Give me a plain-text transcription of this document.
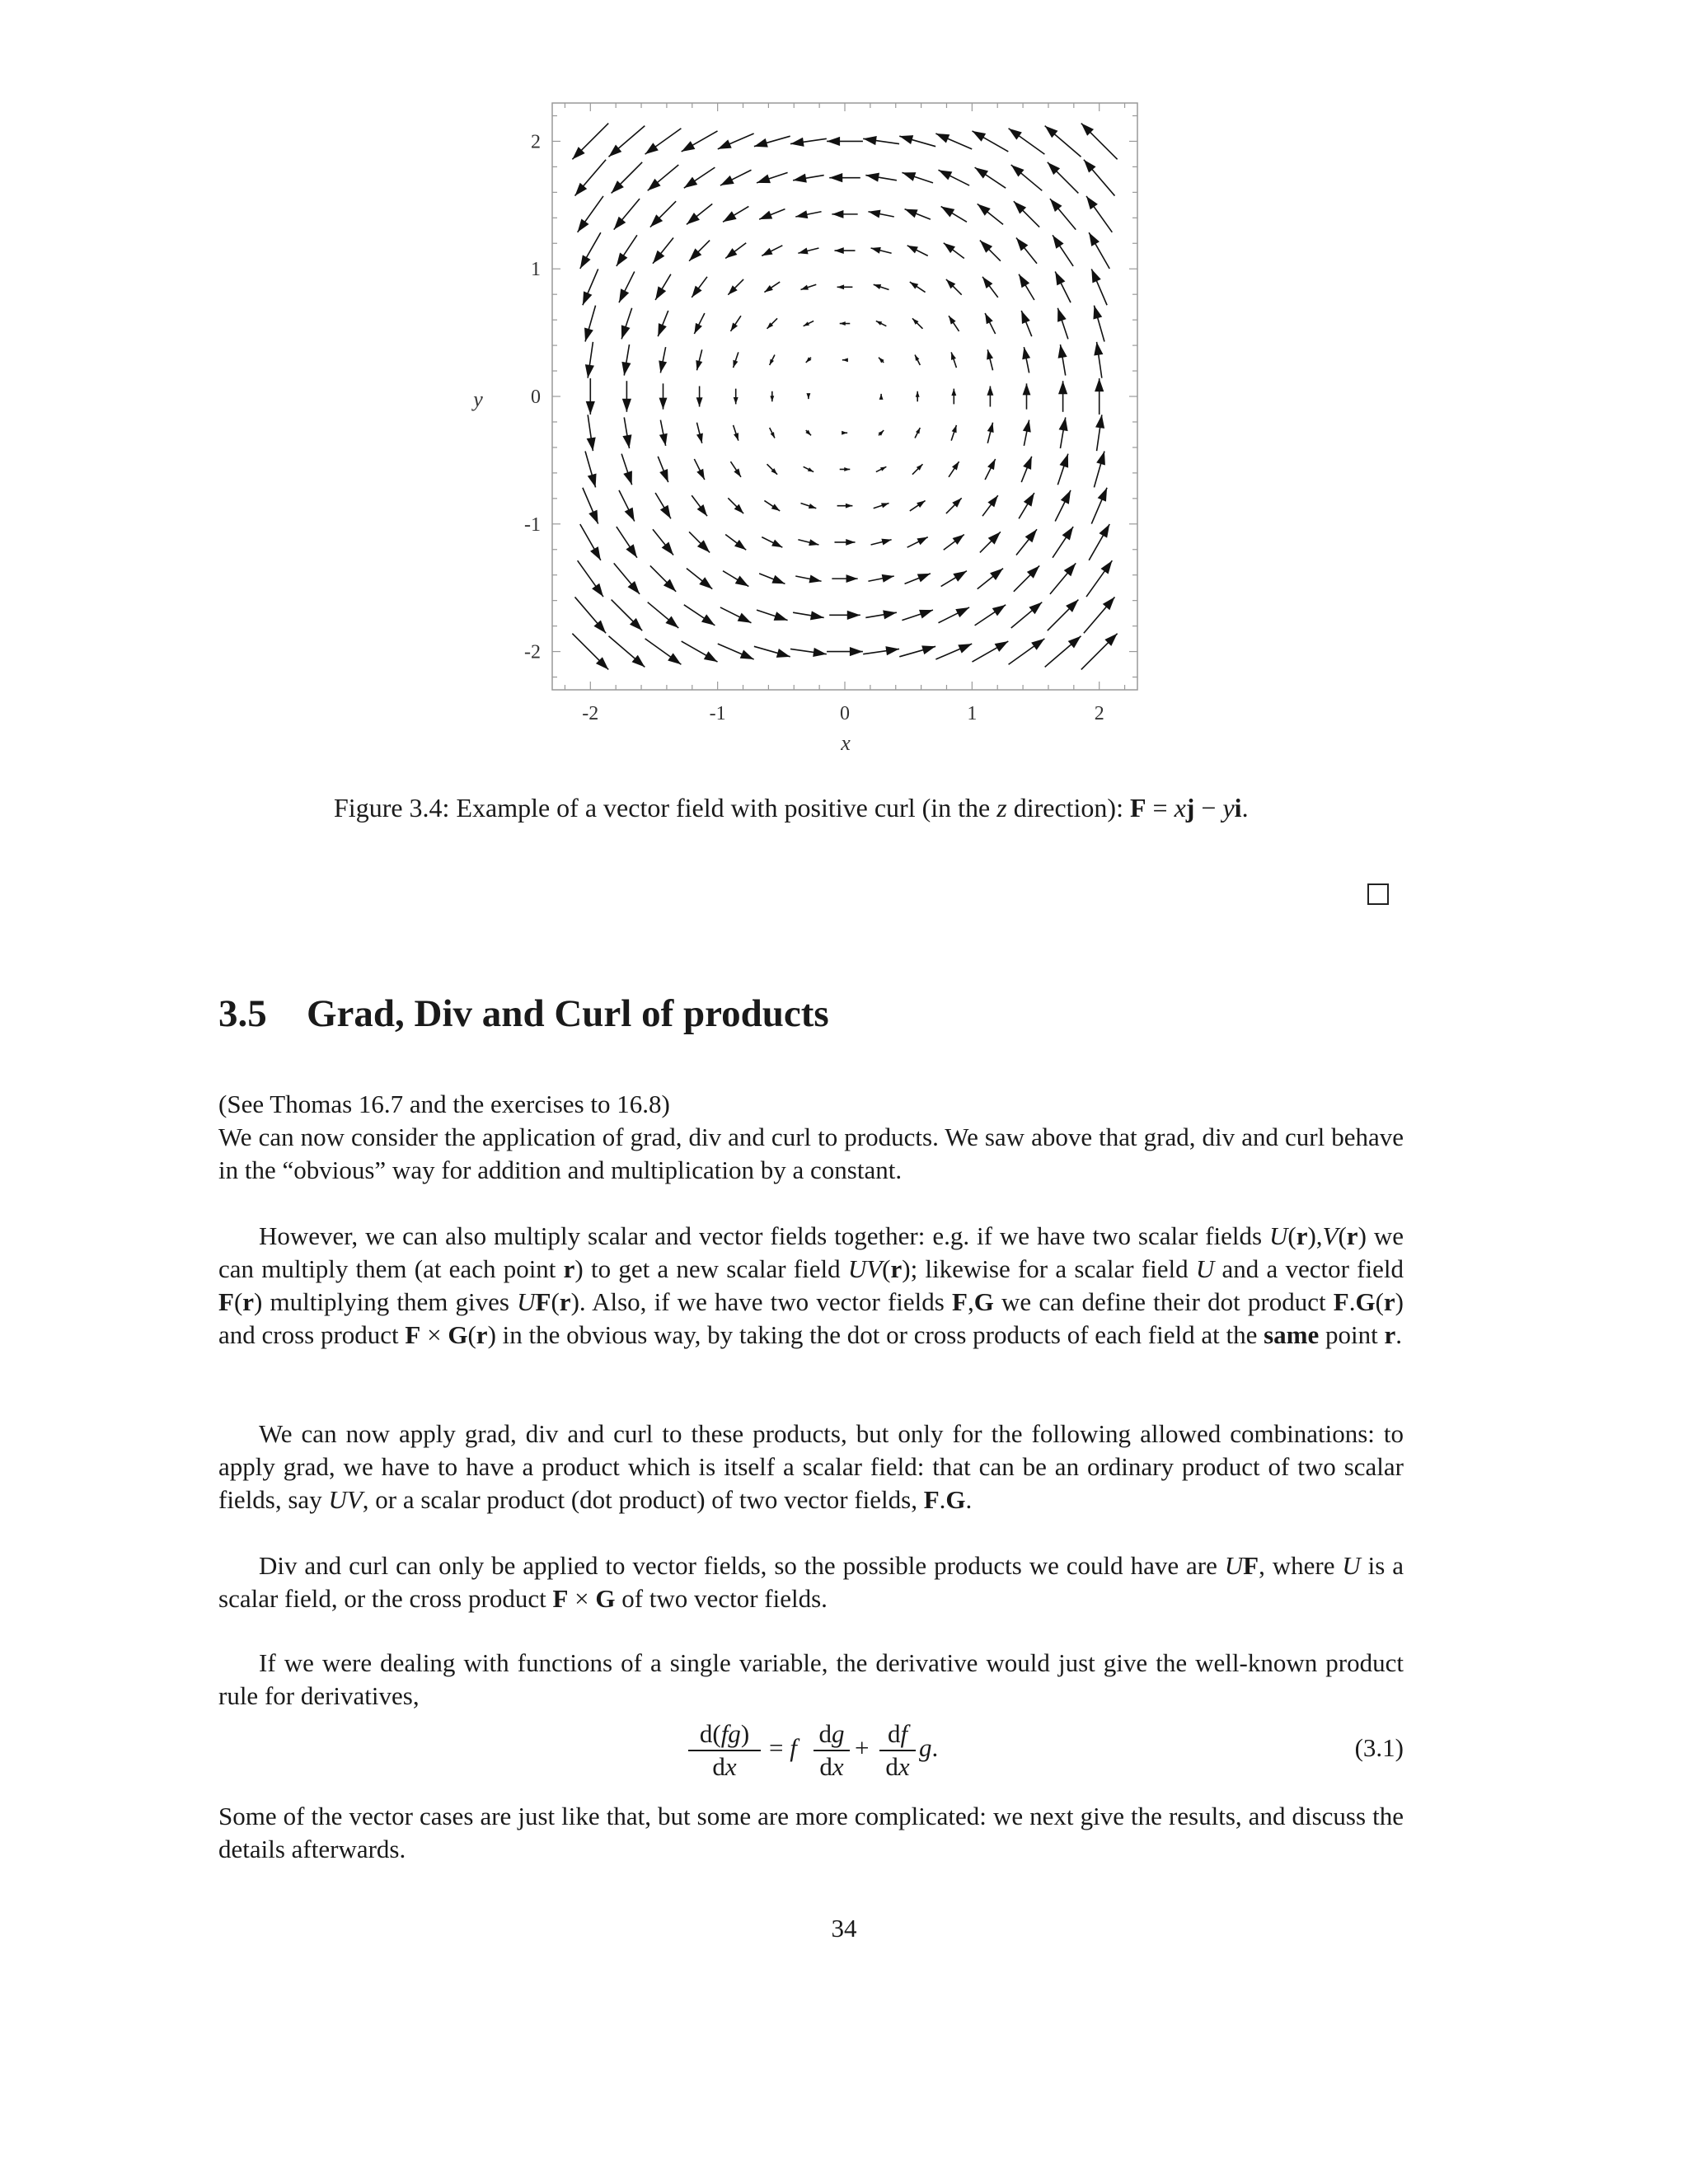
-2	-1	0	1	2
2
1
0
-1
-2
x
y
Figure 3.4: Example of a vector field with positive curl (in the z direction): F = xj − yi.
3.5 Grad, Div and Curl of products
(See Thomas 16.7 and the exercises to 16.8)
We can now consider the application of grad, div and curl to products. We saw above that grad, div and curl behave in the “obvious” way for addition and multiplication by a constant.
However, we can also multiply scalar and vector fields together: e.g. if we have two scalar fields U(r),V(r) we can multiply them (at each point r) to get a new scalar field UV(r); likewise for a scalar field U and a vector field F(r) multiplying them gives UF(r). Also, if we have two vector fields F,G we can define their dot product F.G(r) and cross product F × G(r) in the obvious way, by taking the dot or cross products of each field at the same point r.
We can now apply grad, div and curl to these products, but only for the following allowed combinations: to apply grad, we have to have a product which is itself a scalar field: that can be an ordinary product of two scalar fields, say UV, or a scalar product (dot product) of two vector fields, F.G.
Div and curl can only be applied to vector fields, so the possible products we could have are UF, where U is a scalar field, or the cross product F × G of two vector fields.
If we were dealing with functions of a single variable, the derivative would just give the well-known product rule for derivatives,
d(fg)
dx
= f dg
dx
+ df
dx
g.	(3.1)
Some of the vector cases are just like that, but some are more complicated: we next give the results, and discuss the details afterwards.
34
